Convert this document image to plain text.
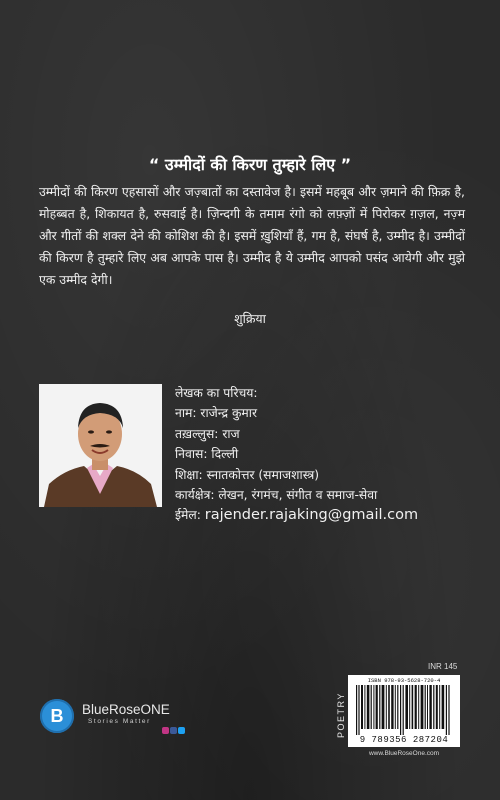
“ उम्मीदों की किरण तुम्हारे लिए ”
उम्मीदों की किरण एहसासों और जज़्बातों का दस्तावेज है। इसमें महबूब और ज़माने की फ़िक्र है, मोहब्बत है, शिकायत है, रुसवाई है। ज़िन्दगी के तमाम रंगो को लफ़्ज़ों में पिरोकर ग़ज़ल, नज़्म और गीतों की शक्ल देने की कोशिश की है। इसमें ख़ुशियाँ हैं, गम है, संघर्ष है, उम्मीद है। उम्मीदों की किरण है तुम्हारे लिए अब आपके पास है। उम्मीद है ये उम्मीद आपको पसंद आयेगी और मुझे एक उम्मीद देगी।
शुक्रिया
लेखक का परिचय:
नाम: राजेन्द्र कुमार
तख़ल्लुस: राज
निवास: दिल्ली
शिक्षा: स्नातकोत्तर (समाजशास्त्र)
कार्यक्षेत्र: लेखन, रंगमंच, संगीत व समाज-सेवा
ईमेल: rajender.rajaking@gmail.com
B	BlueRoseONE
Stories Matter
INR 145
POETRY
ISBN 978-93-5628-720-4
9 789356 287204
www.BlueRoseOne.com
